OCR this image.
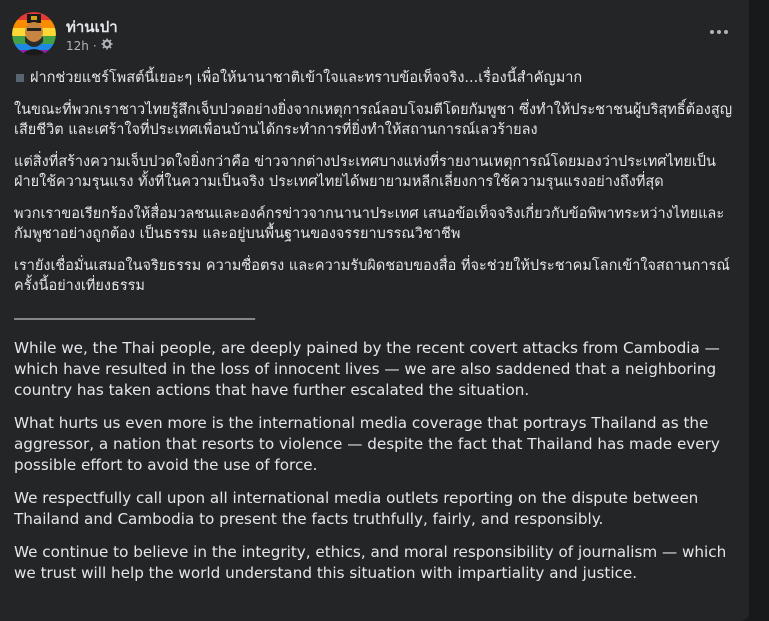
ท่านเปา
12h ·

ฝากช่วยแชร์โพสต์นี้เยอะๆ เพื่อให้นานาชาติเข้าใจและทราบข้อเท็จจริง...เรื่องนี้สำคัญมาก

ในขณะที่พวกเราชาวไทยรู้สึกเจ็บปวดอย่างยิ่งจากเหตุการณ์ลอบโจมตีโดยกัมพูชา ซึ่งทำให้ประชาชนผู้บริสุทธิ์ต้องสูญเสียชีวิต และเศร้าใจที่ประเทศเพื่อนบ้านได้กระทำการที่ยิ่งทำให้สถานการณ์เลวร้ายลง

แต่สิ่งที่สร้างความเจ็บปวดใจยิ่งกว่าคือ ข่าวจากต่างประเทศบางแห่งที่รายงานเหตุการณ์โดยมองว่าประเทศไทยเป็นฝ่ายใช้ความรุนแรง ทั้งที่ในความเป็นจริง ประเทศไทยได้พยายามหลีกเลี่ยงการใช้ความรุนแรงอย่างถึงที่สุด

พวกเราขอเรียกร้องให้สื่อมวลชนและองค์กรข่าวจากนานาประเทศ เสนอข้อเท็จจริงเกี่ยวกับข้อพิพาทระหว่างไทยและกัมพูชาอย่างถูกต้อง เป็นธรรม และอยู่บนพื้นฐานของจรรยาบรรณวิชาชีพ

เรายังเชื่อมั่นเสมอในจริยธรรม ความซื่อตรง และความรับผิดชอบของสื่อ ที่จะช่วยให้ประชาคมโลกเข้าใจสถานการณ์ครั้งนี้อย่างเที่ยงธรรม

________________________________________

While we, the Thai people, are deeply pained by the recent covert attacks from Cambodia — which have resulted in the loss of innocent lives — we are also saddened that a neighboring country has taken actions that have further escalated the situation.

What hurts us even more is the international media coverage that portrays Thailand as the aggressor, a nation that resorts to violence — despite the fact that Thailand has made every possible effort to avoid the use of force.

We respectfully call upon all international media outlets reporting on the dispute between Thailand and Cambodia to present the facts truthfully, fairly, and responsibly.

We continue to believe in the integrity, ethics, and moral responsibility of journalism — which we trust will help the world understand this situation with impartiality and justice.
